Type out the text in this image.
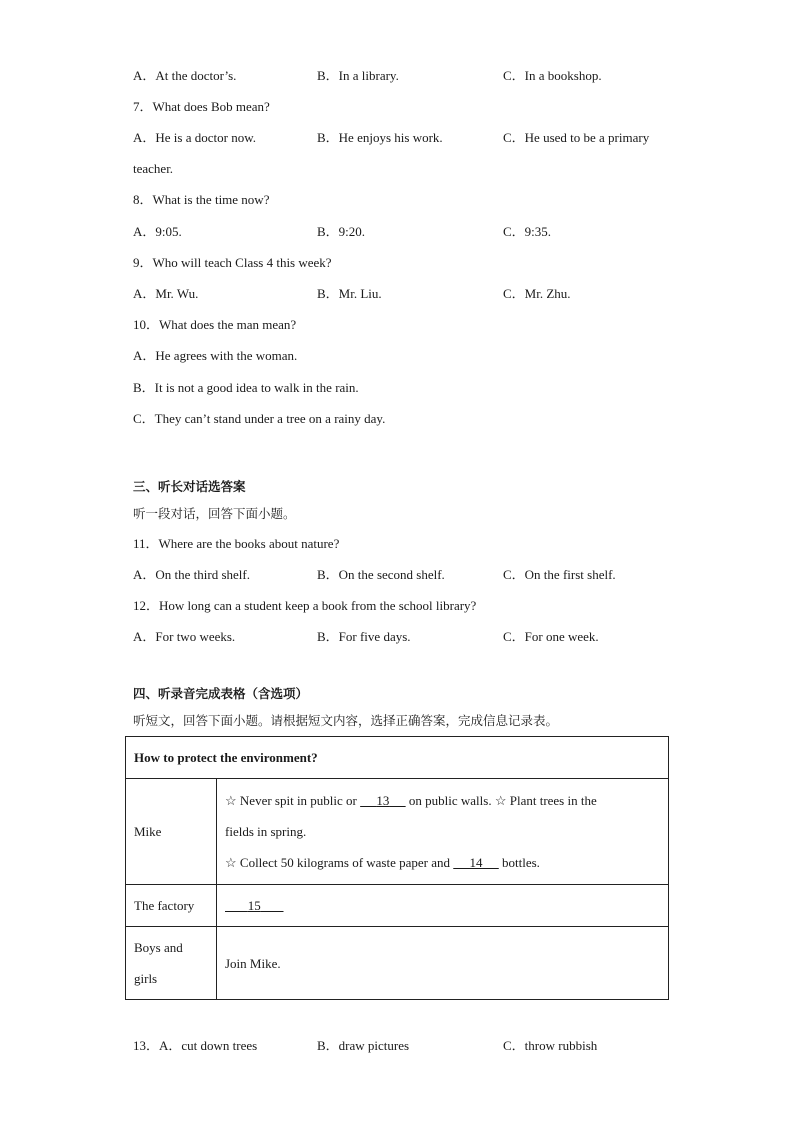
A．At the doctor’s.	B．In a library.	C．In a bookshop.
7．What does Bob mean?
A．He is a doctor now.	B．He enjoys his work.	C．He used to be a primary
teacher.
8．What is the time now?
A．9:05.	B．9:20.	C．9:35.
9．Who will teach Class 4 this week?
A．Mr. Wu.	B．Mr. Liu.	C．Mr. Zhu.
10．What does the man mean?
A．He agrees with the woman.
B．It is not a good idea to walk in the rain.
C．They can’t stand under a tree on a rainy day.
三、听长对话选答案
听一段对话，回答下面小题。
11．Where are the books about nature?
A．On the third shelf.	B．On the second shelf.	C．On the first shelf.
12．How long can a student keep a book from the school library?
A．For two weeks.	B．For five days.	C．For one week.
四、听录音完成表格（含选项）
听短文，回答下面小题。请根据短文内容，选择正确答案，完成信息记录表。
How to protect the environment?	
Mike	☆ Never spit in public or      13      on public walls. ☆ Plant trees in the
fields in spring.
☆ Collect 50 kilograms of waste paper and      14      bottles.

The factory	15

Boys and
girls	Join Mike.
13．A．cut down trees	B．draw pictures	C．throw rubbish
